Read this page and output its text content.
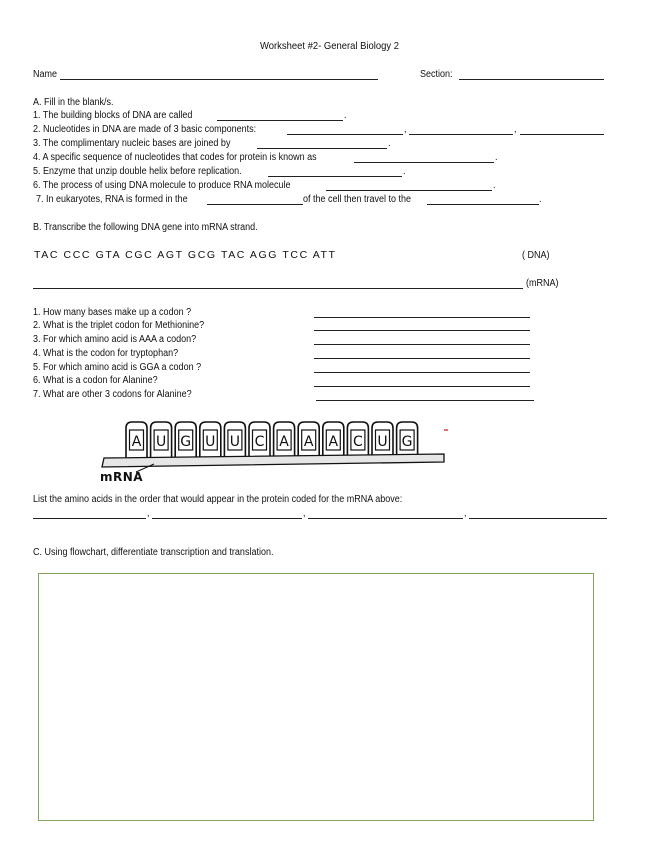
Worksheet #2- General Biology 2
Name	Section:
A. Fill in the blank/s.
1. The building blocks of DNA are called	.
2. Nucleotides in DNA are made of 3 basic components:	,	,
3. The complimentary nucleic bases are joined by	.
4. A specific sequence of nucleotides that codes for protein is known as	.
5. Enzyme that unzip double helix before replication.	.
6. The process of using DNA molecule to produce RNA molecule	.
7. In eukaryotes, RNA is formed in the	of the cell then travel to the	.
B. Transcribe the following DNA gene into mRNA strand.
TAC CCC GTA CGC AGT GCG TAC AGG TCC ATT	( DNA)
(mRNA)
1. How many bases make up a codon ?
2. What is the triplet codon for Methionine?
3. For which amino acid is AAA a codon?
4. What is the codon for tryptophan?
5. For which amino acid is GGA a codon ?
6. What is a codon for Alanine?
7. What are other 3 codons for Alanine?
A U G U U C A A A C U G
mRNA
List the amino acids in the order that would appear in the protein coded for the mRNA above:
,	,	,
C. Using flowchart, differentiate transcription and translation.
